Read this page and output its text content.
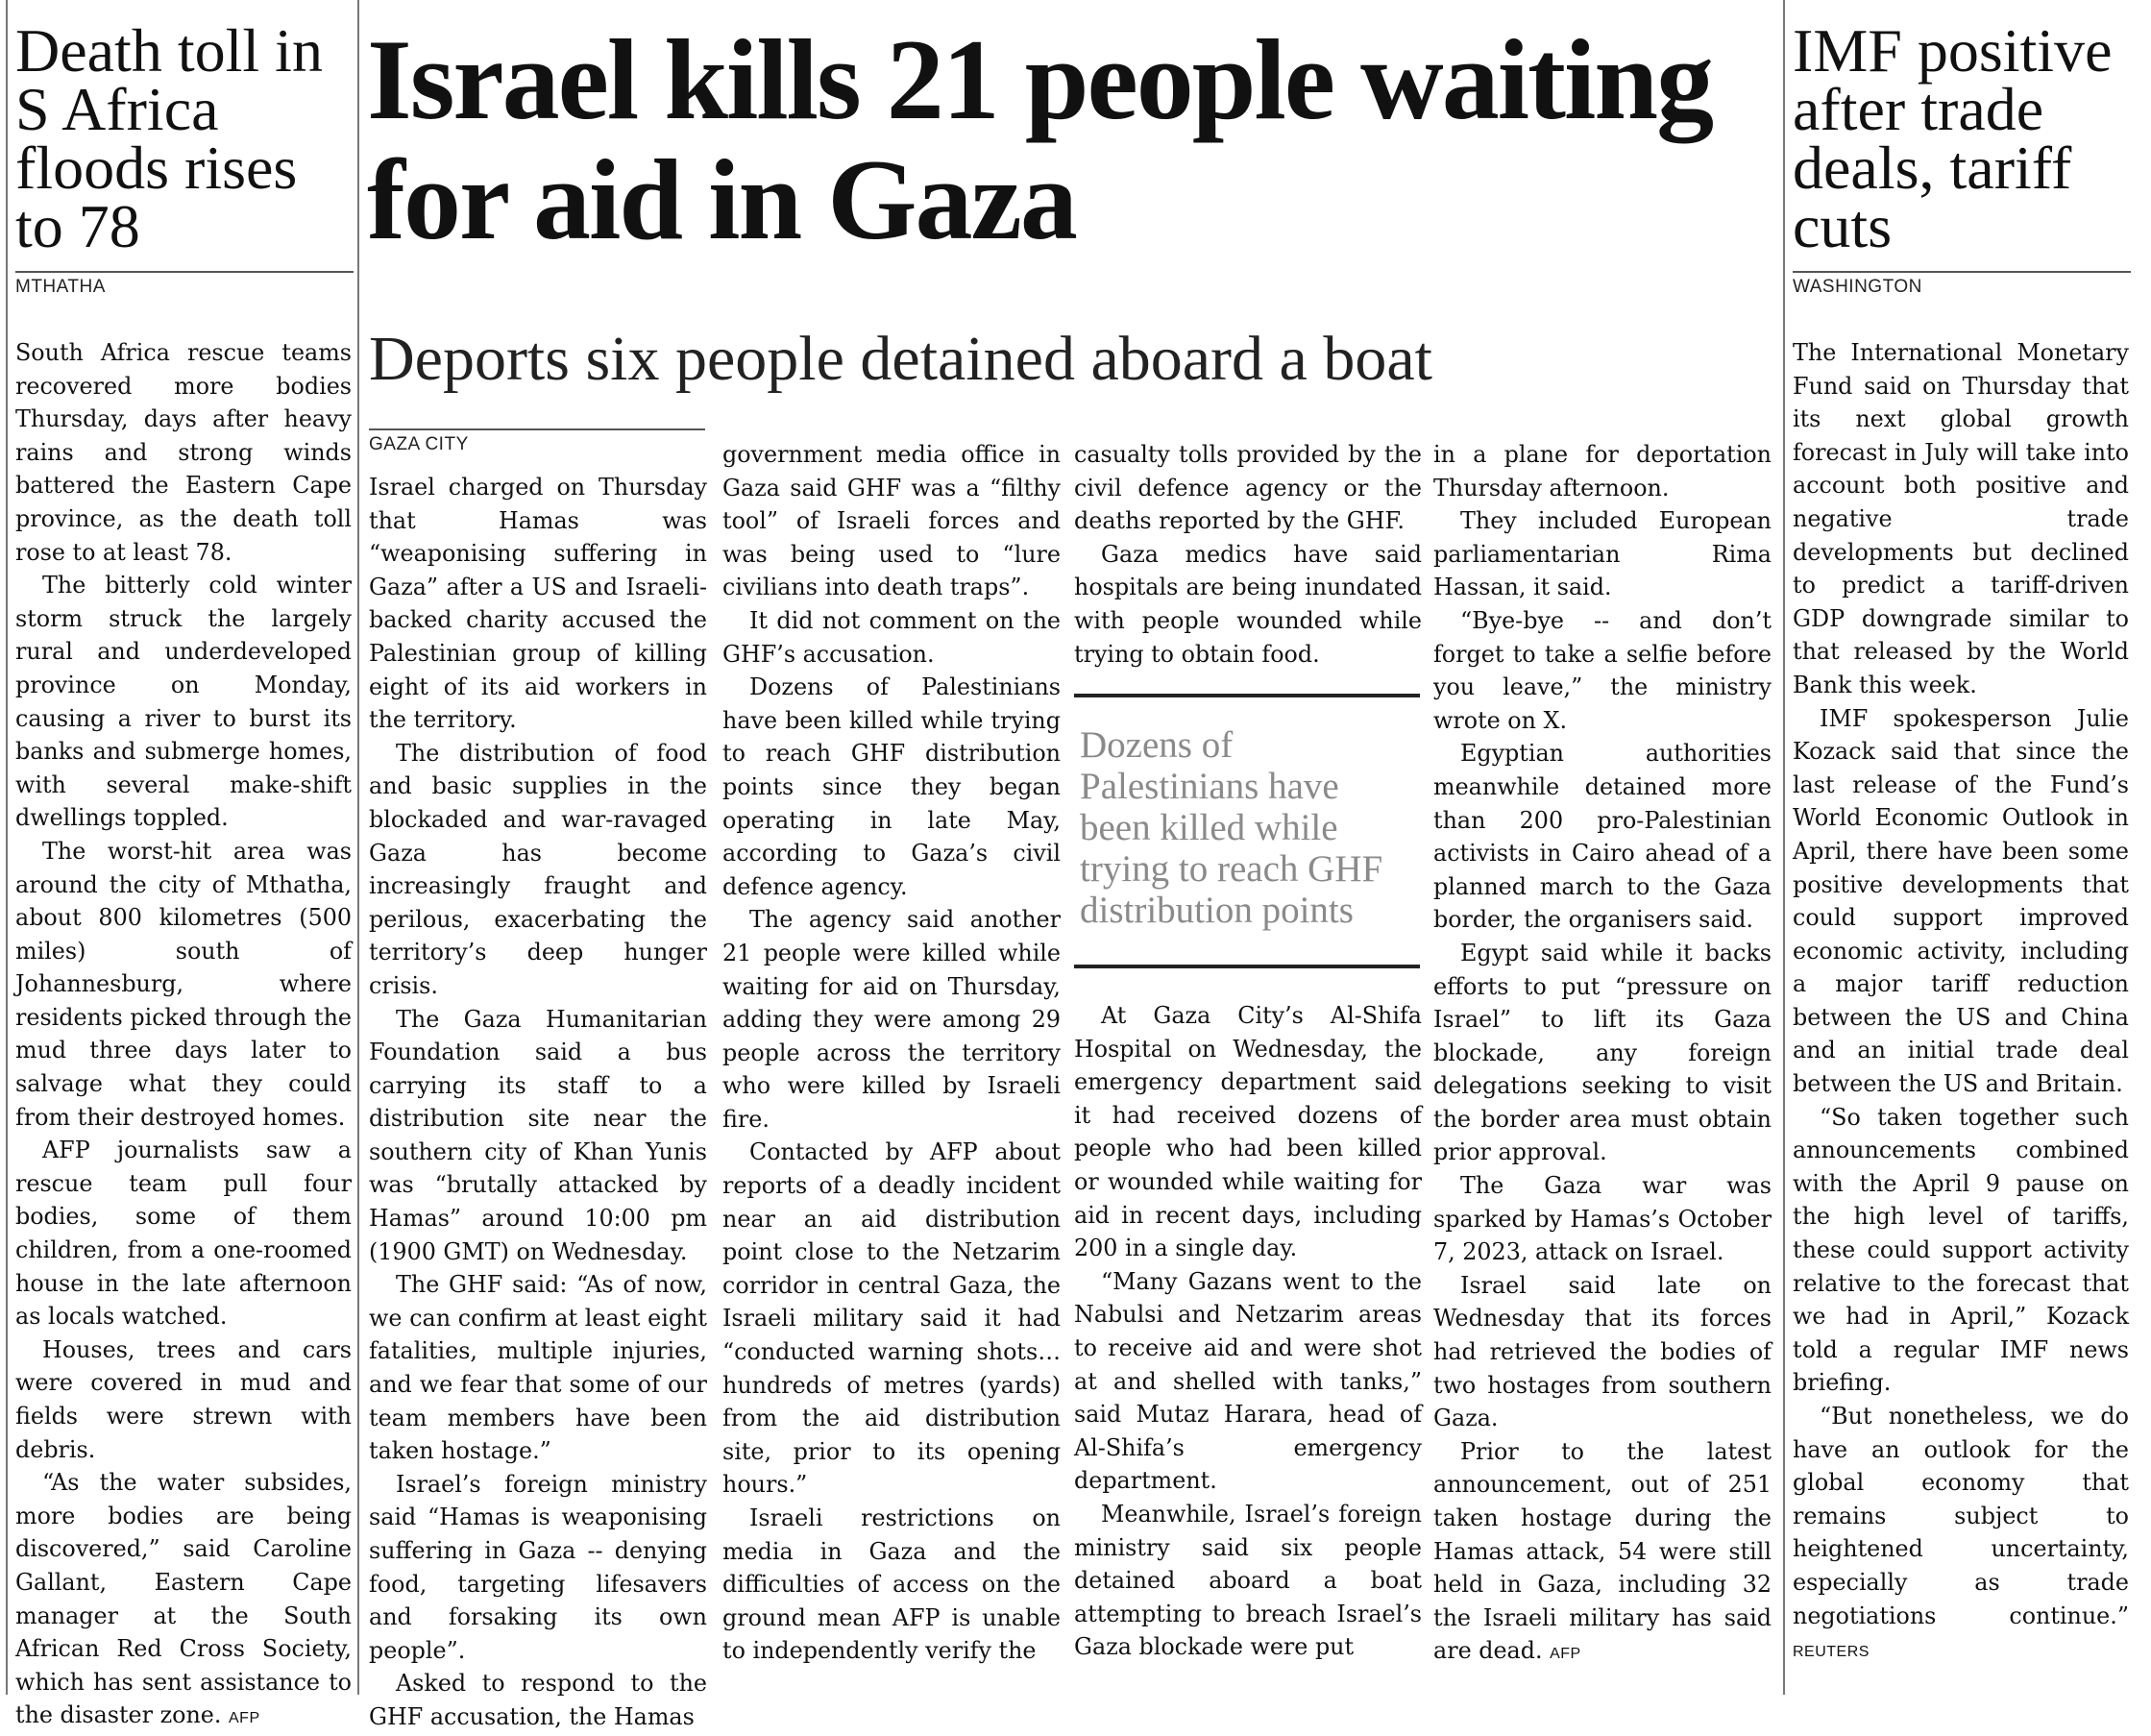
Death toll in S Africa floods rises to 78
MTHATHA

South Africa rescue teams recovered more bodies Thursday, days after heavy rains and strong winds battered the Eastern Cape province, as the death toll rose to at least 78.

The bitterly cold winter storm struck the largely rural and underdeveloped province on Monday, causing a river to burst its banks and submerge homes, with several make-shift dwellings toppled.

The worst-hit area was around the city of Mthatha, about 800 kilometres (500 miles) south of Johannesburg, where residents picked through the mud three days later to salvage what they could from their destroyed homes.

AFP journalists saw a rescue team pull four bodies, some of them children, from a one-roomed house in the late afternoon as locals watched.

Houses, trees and cars were covered in mud and fields were strewn with debris.

“As the water subsides, more bodies are being discovered,” said Caroline Gallant, Eastern Cape manager at the South African Red Cross Society, which has sent assistance to the disaster zone. AFP

Israel kills 21 people waiting for aid in Gaza
Deports six people detained aboard a boat
GAZA CITY

Israel charged on Thursday that Hamas was “weaponising suffering in Gaza” after a US and Israeli-backed charity accused the Palestinian group of killing eight of its aid workers in the territory.

The distribution of food and basic supplies in the blockaded and war-ravaged Gaza has become increasingly fraught and perilous, exacerbating the territory’s deep hunger crisis.

The Gaza Humanitarian Foundation said a bus carrying its staff to a distribution site near the southern city of Khan Yunis was “brutally attacked by Hamas” around 10:00 pm (1900 GMT) on Wednesday.

The GHF said: “As of now, we can confirm at least eight fatalities, multiple injuries, and we fear that some of our team members have been taken hostage.”

Israel’s foreign ministry said “Hamas is weaponising suffering in Gaza -- denying food, targeting lifesavers and forsaking its own people”.

Asked to respond to the GHF accusation, the Hamas

government media office in Gaza said GHF was a “filthy tool” of Israeli forces and was being used to “lure civilians into death traps”.

It did not comment on the GHF’s accusation.

Dozens of Palestinians have been killed while trying to reach GHF distribution points since they began operating in late May, according to Gaza’s civil defence agency.

The agency said another 21 people were killed while waiting for aid on Thursday, adding they were among 29 people across the territory who were killed by Israeli fire.

Contacted by AFP about reports of a deadly incident near an aid distribution point close to the Netzarim corridor in central Gaza, the Israeli military said it had “conducted warning shots… hundreds of metres (yards) from the aid distribution site, prior to its opening hours.”

Israeli restrictions on media in Gaza and the difficulties of access on the ground mean AFP is unable to independently verify the

casualty tolls provided by the civil defence agency or the deaths reported by the GHF.

Gaza medics have said hospitals are being inundated with people wounded while trying to obtain food.

Dozens of Palestinians have been killed while trying to reach GHF distribution points

At Gaza City’s Al-Shifa Hospital on Wednesday, the emergency department said it had received dozens of people who had been killed or wounded while waiting for aid in recent days, including 200 in a single day.

“Many Gazans went to the Nabulsi and Netzarim areas to receive aid and were shot at and shelled with tanks,” said Mutaz Harara, head of Al-Shifa’s emergency department.

Meanwhile, Israel’s foreign ministry said six people detained aboard a boat attempting to breach Israel’s Gaza blockade were put

in a plane for deportation Thursday afternoon.

They included European parliamentarian Rima Hassan, it said.

“Bye-bye -- and don’t forget to take a selfie before you leave,” the ministry wrote on X.

Egyptian authorities meanwhile detained more than 200 pro-Palestinian activists in Cairo ahead of a planned march to the Gaza border, the organisers said.

Egypt said while it backs efforts to put “pressure on Israel” to lift its Gaza blockade, any foreign delegations seeking to visit the border area must obtain prior approval.

The Gaza war was sparked by Hamas’s October 7, 2023, attack on Israel.

Israel said late on Wednesday that its forces had retrieved the bodies of two hostages from southern Gaza.

Prior to the latest announcement, out of 251 taken hostage during the Hamas attack, 54 were still held in Gaza, including 32 the Israeli military has said are dead. AFP

IMF positive after trade deals, tariff cuts
WASHINGTON

The International Monetary Fund said on Thursday that its next global growth forecast in July will take into account both positive and negative trade developments but declined to predict a tariff-driven GDP downgrade similar to that released by the World Bank this week.

IMF spokesperson Julie Kozack said that since the last release of the Fund’s World Economic Outlook in April, there have been some positive developments that could support improved economic activity, including a major tariff reduction between the US and China and an initial trade deal between the US and Britain.

“So taken together such announcements combined with the April 9 pause on the high level of tariffs, these could support activity relative to the forecast that we had in April,” Kozack told a regular IMF news briefing.

“But nonetheless, we do have an outlook for the global economy that remains subject to heightened uncertainty, especially as trade negotiations continue.” REUTERS
